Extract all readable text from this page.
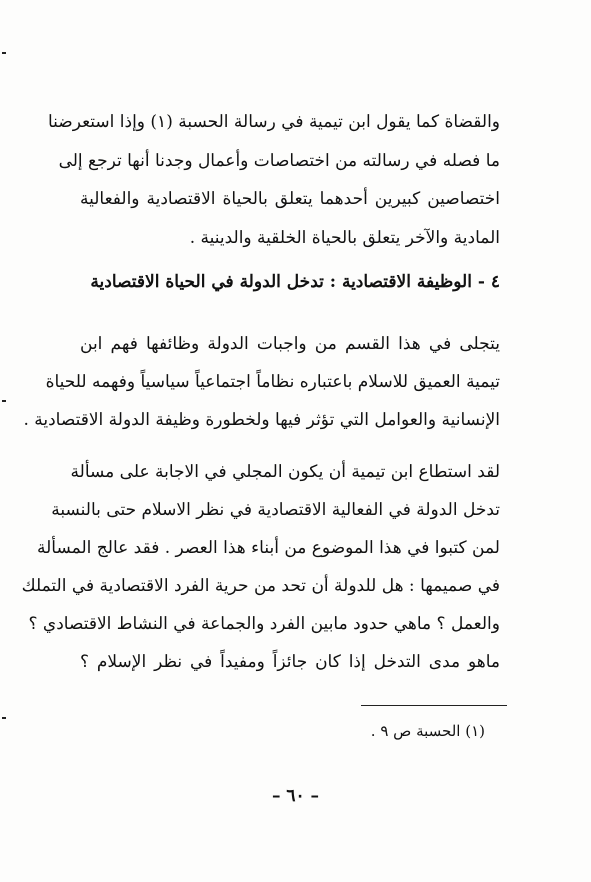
والقضاة كما يقول ابن تيمية في رسالة الحسبة (١) وإذا استعرضنا
ما فصله في رسالته من اختصاصات وأعمال وجدنا أنها ترجع إلى
اختصاصين كبيرين أحدهما يتعلق بالحياة الاقتصادية والفعالية
المادية والآخر يتعلق بالحياة الخلقية والدينية .
٤ - الوظيفة الاقتصادية : تدخل الدولة في الحياة الاقتصادية
يتجلى في هذا القسم من واجبات الدولة وظائفها فهم ابن
تيمية العميق للاسلام باعتباره نظاماً اجتماعياً سياسياً وفهمه للحياة
الإنسانية والعوامل التي تؤثر فيها ولخطورة وظيفة الدولة الاقتصادية .
لقد استطاع ابن تيمية أن يكون المجلي في الاجابة على مسألة
تدخل الدولة في الفعالية الاقتصادية في نظر الاسلام حتى بالنسبة
لمن كتبوا في هذا الموضوع من أبناء هذا العصر . فقد عالج المسألة
في صميمها : هل للدولة أن تحد من حرية الفرد الاقتصادية في التملك
والعمل ؟ ماهي حدود مابين الفرد والجماعة في النشاط الاقتصادي ؟
ماهو مدى التدخل إذا كان جائزاً ومفيداً في نظر الإسلام ؟
(١) الحسبة ص ٩ .
– ٦٠ –
